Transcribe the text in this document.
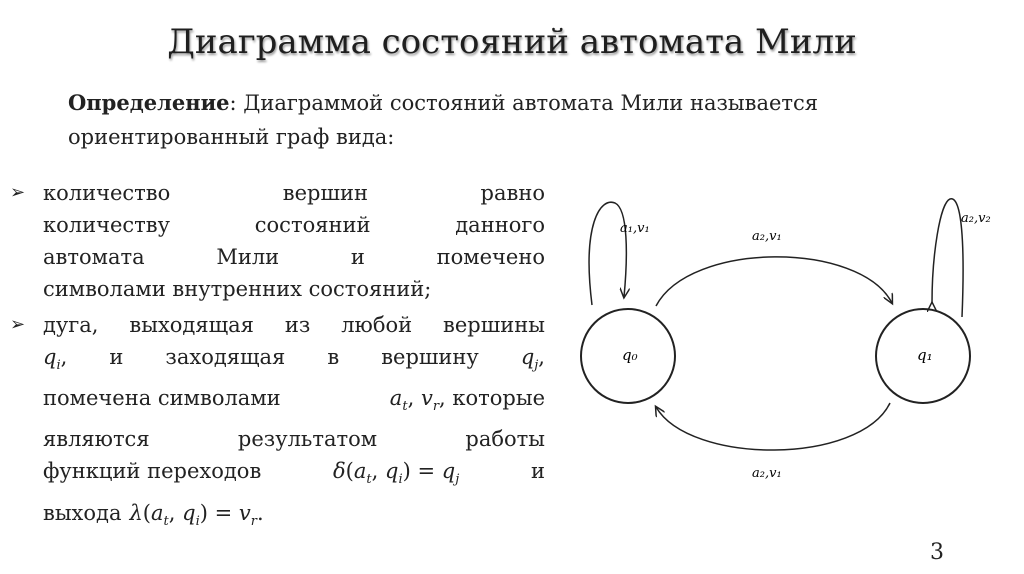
Диаграмма состояний автомата Мили
Определение: Диаграммой состояний автомата Мили называется
ориентированный граф вида:
➢ количество	вершин	равно
количеству	состояний	данного
автомата	Мили	и	помечено
символами внутренних состояний;
➢ дуга, выходящая из любой вершины
$q_i$, и заходящая в вершину $q_j$,
помечена символами	$a_t$, $v_r$, которые
являются	результатом	работы
функций переходов	$\delta(a_t$, $q_i) = q_j$	и
выхода $\lambda(a_t$, $q_i) = v_r$.
q₀	q₁
a₁,v₁
a₂,v₂
a₂,v₁
a₂,v₁
3
